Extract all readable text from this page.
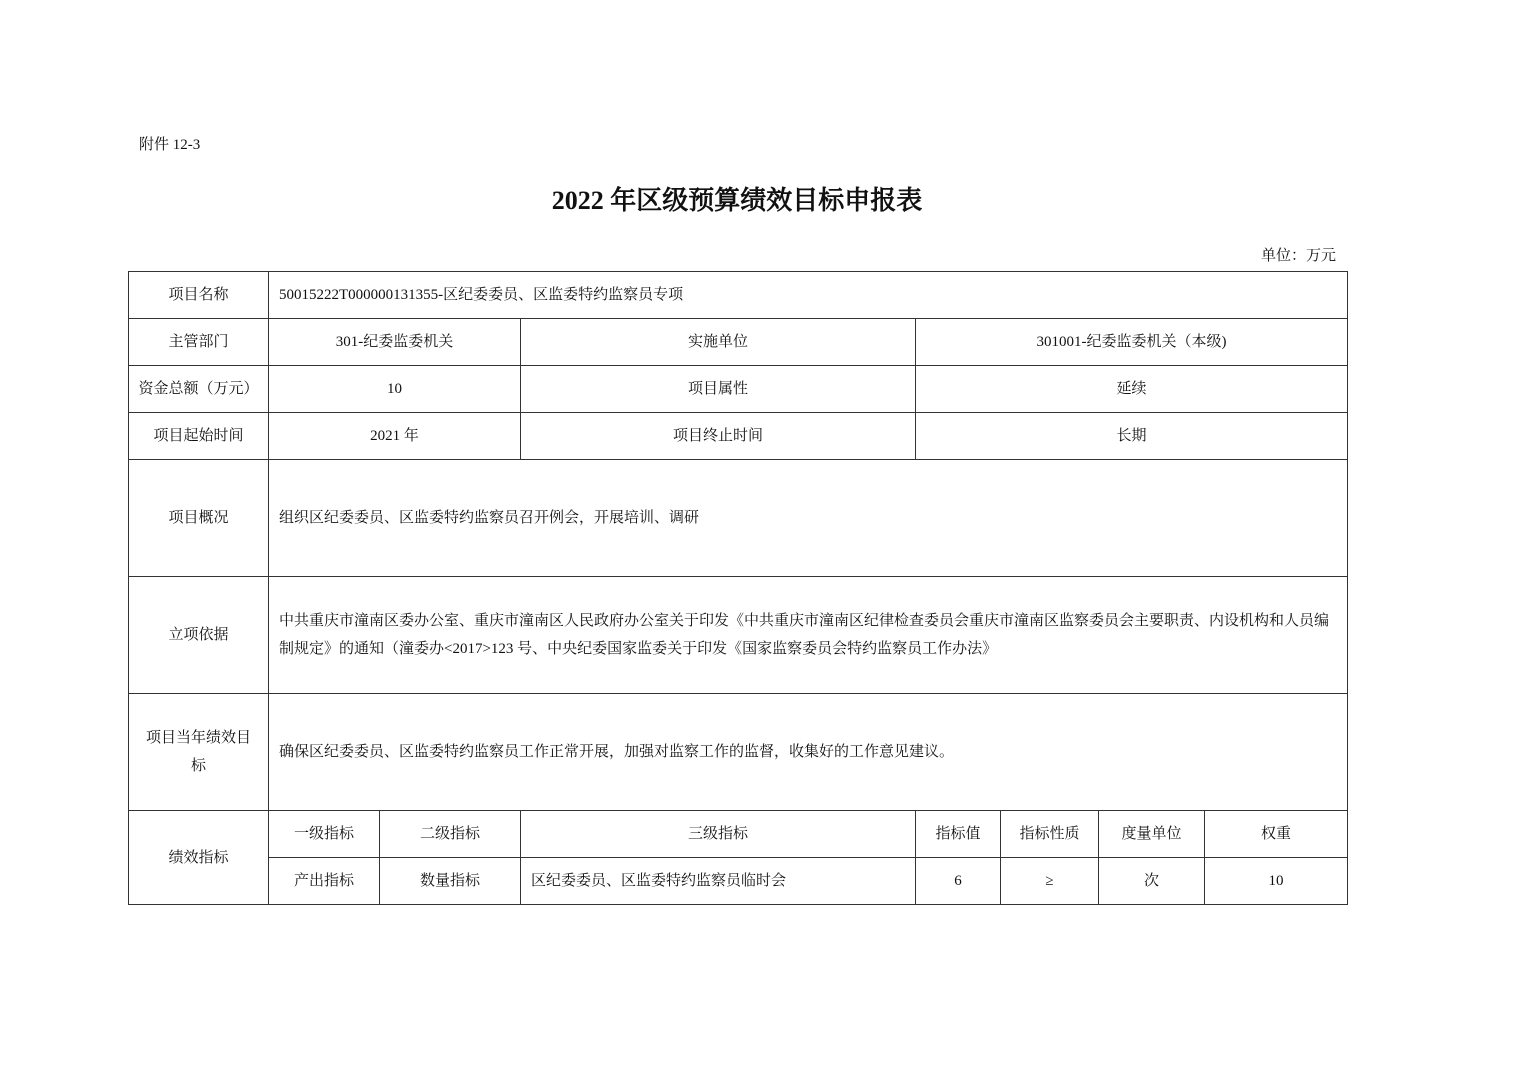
附件 12-3
2022 年区级预算绩效目标申报表
单位：万元
项目名称	50015222T000000131355-区纪委委员、区监委特约监察员专项						
主管部门	301-纪委监委机关		实施单位	301001-纪委监委机关（本级)			
资金总额（万元）	10		项目属性	延续			
项目起始时间	2021 年		项目终止时间	长期			
项目概况	组织区纪委委员、区监委特约监察员召开例会，开展培训、调研						
立项依据	中共重庆市潼南区委办公室、重庆市潼南区人民政府办公室关于印发《中共重庆市潼南区纪律检查委员会重庆市潼南区监察委员会主要职责、内设机构和人员编制规定》的通知（潼委办<2017>123 号、中央纪委国家监委关于印发《国家监察委员会特约监察员工作办法》						
项目当年绩效目标	确保区纪委委员、区监委特约监察员工作正常开展，加强对监察工作的监督，收集好的工作意见建议。						
绩效指标	一级指标	二级指标	三级指标	指标值	指标性质	度量单位	权重
	产出指标	数量指标	区纪委委员、区监委特约监察员临时会	6	≥	次	10
